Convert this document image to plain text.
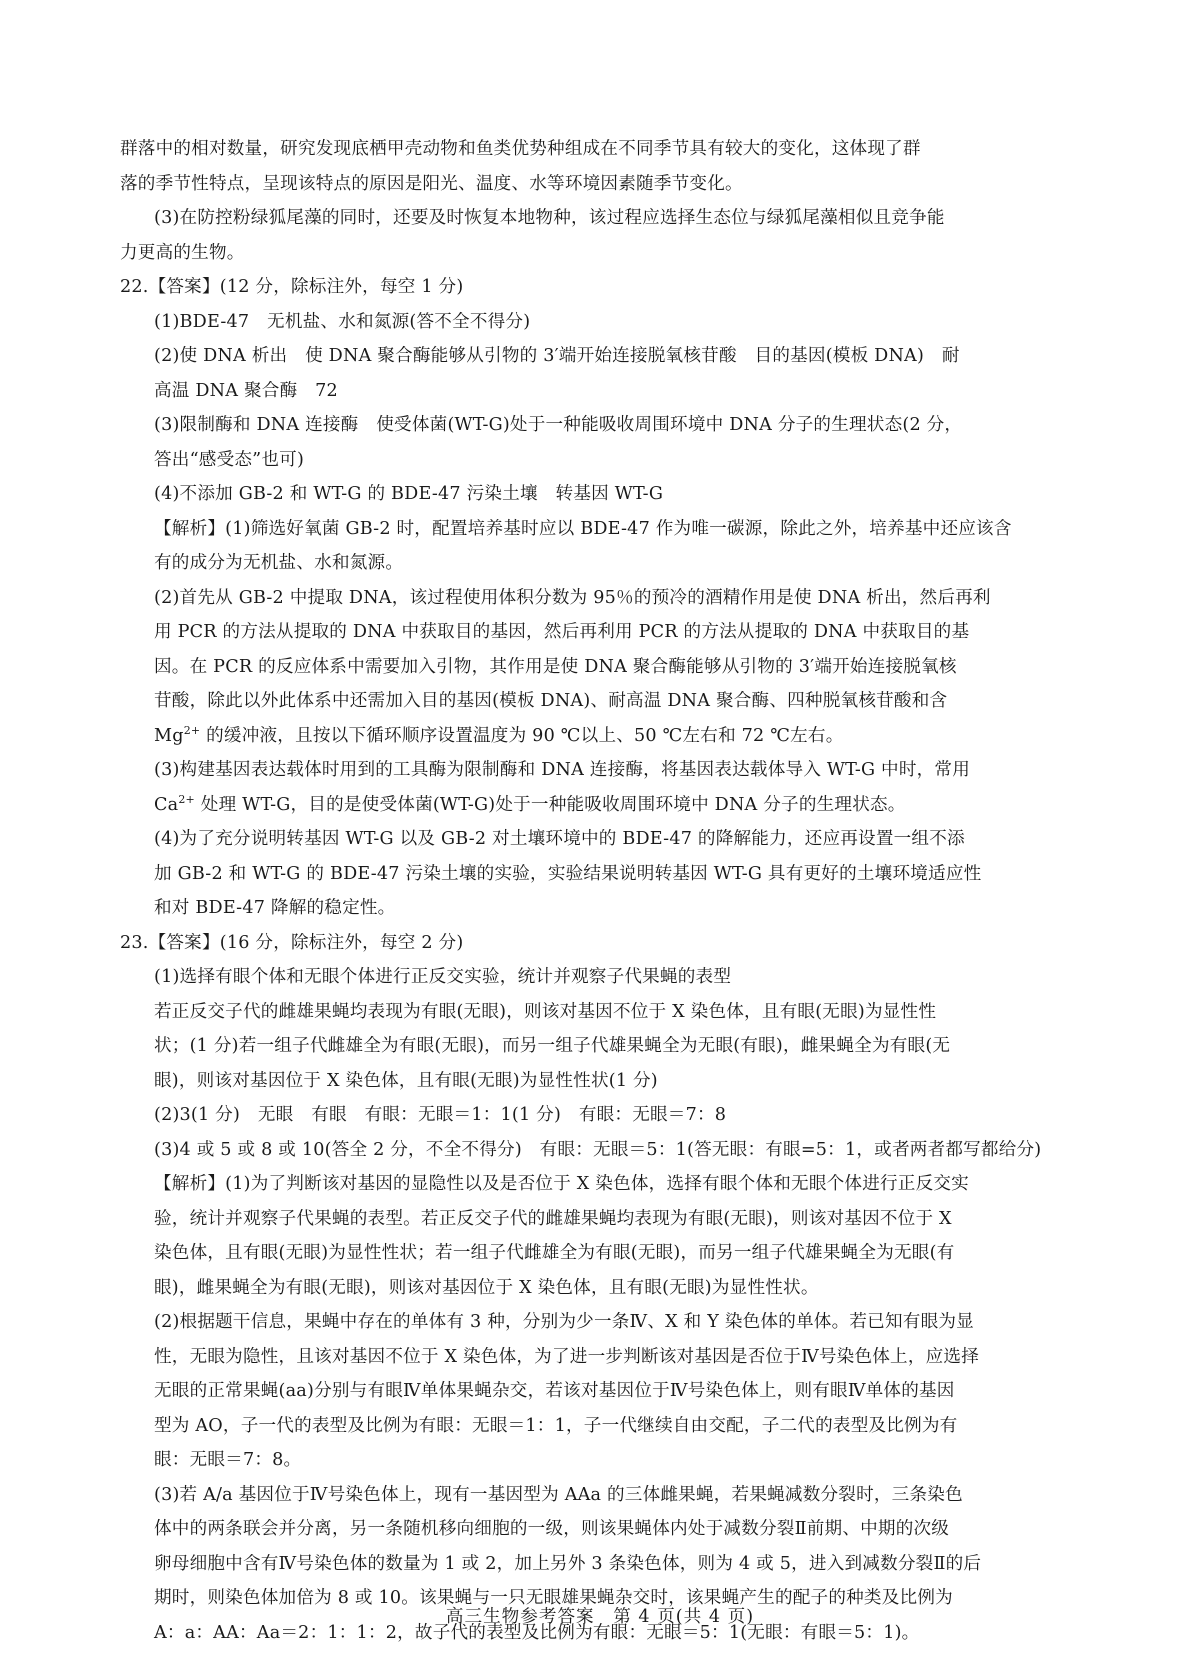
群落中的相对数量，研究发现底栖甲壳动物和鱼类优势种组成在不同季节具有较大的变化，这体现了群
落的季节性特点，呈现该特点的原因是阳光、温度、水等环境因素随季节变化。
(3)在防控粉绿狐尾藻的同时，还要及时恢复本地物种，该过程应选择生态位与绿狐尾藻相似且竞争能
力更高的生物。
22.【答案】(12 分，除标注外，每空 1 分)
(1)BDE-47　无机盐、水和氮源(答不全不得分)
(2)使 DNA 析出　使 DNA 聚合酶能够从引物的 3′端开始连接脱氧核苷酸　目的基因(模板 DNA)　耐
高温 DNA 聚合酶　72
(3)限制酶和 DNA 连接酶　使受体菌(WT-G)处于一种能吸收周围环境中 DNA 分子的生理状态(2 分，
答出“感受态”也可)
(4)不添加 GB-2 和 WT-G 的 BDE-47 污染土壤　转基因 WT-G
【解析】(1)筛选好氧菌 GB-2 时，配置培养基时应以 BDE-47 作为唯一碳源，除此之外，培养基中还应该含
有的成分为无机盐、水和氮源。
(2)首先从 GB-2 中提取 DNA，该过程使用体积分数为 95％的预冷的酒精作用是使 DNA 析出，然后再利
用 PCR 的方法从提取的 DNA 中获取目的基因，然后再利用 PCR 的方法从提取的 DNA 中获取目的基
因。在 PCR 的反应体系中需要加入引物，其作用是使 DNA 聚合酶能够从引物的 3′端开始连接脱氧核
苷酸，除此以外此体系中还需加入目的基因(模板 DNA)、耐高温 DNA 聚合酶、四种脱氧核苷酸和含
$Mg^{2+}$ 的缓冲液，且按以下循环顺序设置温度为 90 ℃以上、50 ℃左右和 72 ℃左右。
(3)构建基因表达载体时用到的工具酶为限制酶和 DNA 连接酶，将基因表达载体导入 WT-G 中时，常用
$Ca^{2+}$ 处理 WT-G，目的是使受体菌(WT-G)处于一种能吸收周围环境中 DNA 分子的生理状态。
(4)为了充分说明转基因 WT-G 以及 GB-2 对土壤环境中的 BDE-47 的降解能力，还应再设置一组不添
加 GB-2 和 WT-G 的 BDE-47 污染土壤的实验，实验结果说明转基因 WT-G 具有更好的土壤环境适应性
和对 BDE-47 降解的稳定性。
23.【答案】(16 分，除标注外，每空 2 分)
(1)选择有眼个体和无眼个体进行正反交实验，统计并观察子代果蝇的表型
若正反交子代的雌雄果蝇均表现为有眼(无眼)，则该对基因不位于 X 染色体，且有眼(无眼)为显性性
状；(1 分)若一组子代雌雄全为有眼(无眼)，而另一组子代雄果蝇全为无眼(有眼)，雌果蝇全为有眼(无
眼)，则该对基因位于 X 染色体，且有眼(无眼)为显性性状(1 分)
(2)3(1 分)　无眼　有眼　有眼：无眼＝1：1(1 分)　有眼：无眼＝7：8
(3)4 或 5 或 8 或 10(答全 2 分，不全不得分)　有眼：无眼＝5：1(答无眼：有眼=5：1，或者两者都写都给分)
【解析】(1)为了判断该对基因的显隐性以及是否位于 X 染色体，选择有眼个体和无眼个体进行正反交实
验，统计并观察子代果蝇的表型。若正反交子代的雌雄果蝇均表现为有眼(无眼)，则该对基因不位于 X
染色体，且有眼(无眼)为显性性状；若一组子代雌雄全为有眼(无眼)，而另一组子代雄果蝇全为无眼(有
眼)，雌果蝇全为有眼(无眼)，则该对基因位于 X 染色体，且有眼(无眼)为显性性状。
(2)根据题干信息，果蝇中存在的单体有 3 种，分别为少一条Ⅳ、X 和 Y 染色体的单体。若已知有眼为显
性，无眼为隐性，且该对基因不位于 X 染色体，为了进一步判断该对基因是否位于Ⅳ号染色体上，应选择
无眼的正常果蝇(aa)分别与有眼Ⅳ单体果蝇杂交，若该对基因位于Ⅳ号染色体上，则有眼Ⅳ单体的基因
型为 AO，子一代的表型及比例为有眼：无眼＝1：1，子一代继续自由交配，子二代的表型及比例为有
眼：无眼＝7：8。
(3)若 A/a 基因位于Ⅳ号染色体上，现有一基因型为 AAa 的三体雌果蝇，若果蝇减数分裂时，三条染色
体中的两条联会并分离，另一条随机移向细胞的一级，则该果蝇体内处于减数分裂Ⅱ前期、中期的次级
卵母细胞中含有Ⅳ号染色体的数量为 1 或 2，加上另外 3 条染色体，则为 4 或 5，进入到减数分裂Ⅱ的后
期时，则染色体加倍为 8 或 10。该果蝇与一只无眼雄果蝇杂交时，该果蝇产生的配子的种类及比例为
A：a：AA：Aa＝2：1：1：2，故子代的表型及比例为有眼：无眼＝5：1(无眼：有眼＝5：1)。
高三生物参考答案　第 4 页(共 4 页)
